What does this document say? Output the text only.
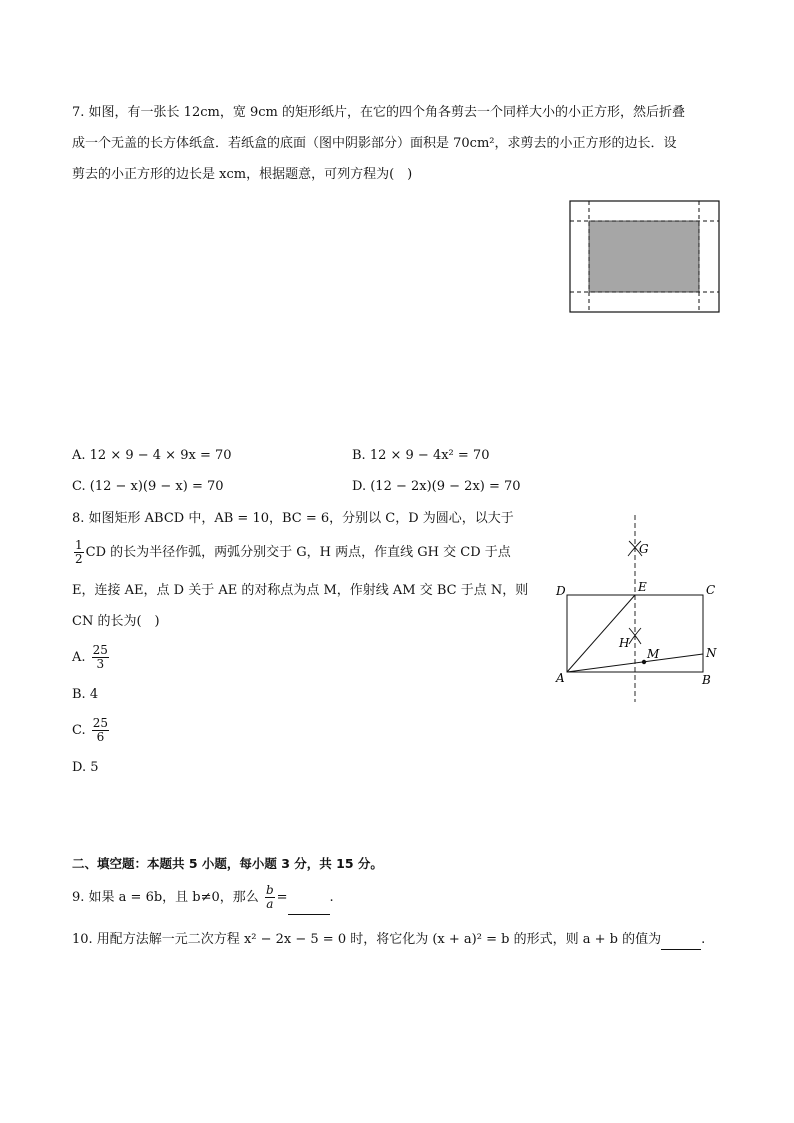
7. 如图，有一张长 12cm，宽 9cm 的矩形纸片，在它的四个角各剪去一个同样大小的小正方形，然后折叠
成一个无盖的长方体纸盒．若纸盒的底面（图中阴影部分）面积是 70cm²，求剪去的小正方形的边长．设
剪去的小正方形的边长是 xcm，根据题意，可列方程为(　)
A. 12 × 9 − 4 × 9x = 70	B. 12 × 9 − 4x² = 70
C. (12 − x)(9 − x) = 70	D. (12 − 2x)(9 − 2x) = 70
8. 如图矩形 ABCD 中，AB = 10，BC = 6，分别以 C，D 为圆心，以大于
$\frac{1}{2}$ CD 的长为半径作弧，两弧分别交于 G，H 两点，作直线 GH 交 CD 于点
E，连接 AE，点 D 关于 AE 的对称点为点 M，作射线 AM 交 BC 于点 N，则
CN 的长为(　)
A. $\frac{25}{3}$
B. 4
C. $\frac{25}{6}$
D. 5
G
E
D	C
H
M	N
A	B
二、填空题：本题共 5 小题，每小题 3 分，共 15 分。
9. 如果 a = 6b，且 b≠0，那么 $\frac{b}{a}$ =	.
10. 用配方法解一元二次方程 x² − 2x − 5 = 0 时，将它化为 (x + a)² = b 的形式，则 a + b 的值为	.
